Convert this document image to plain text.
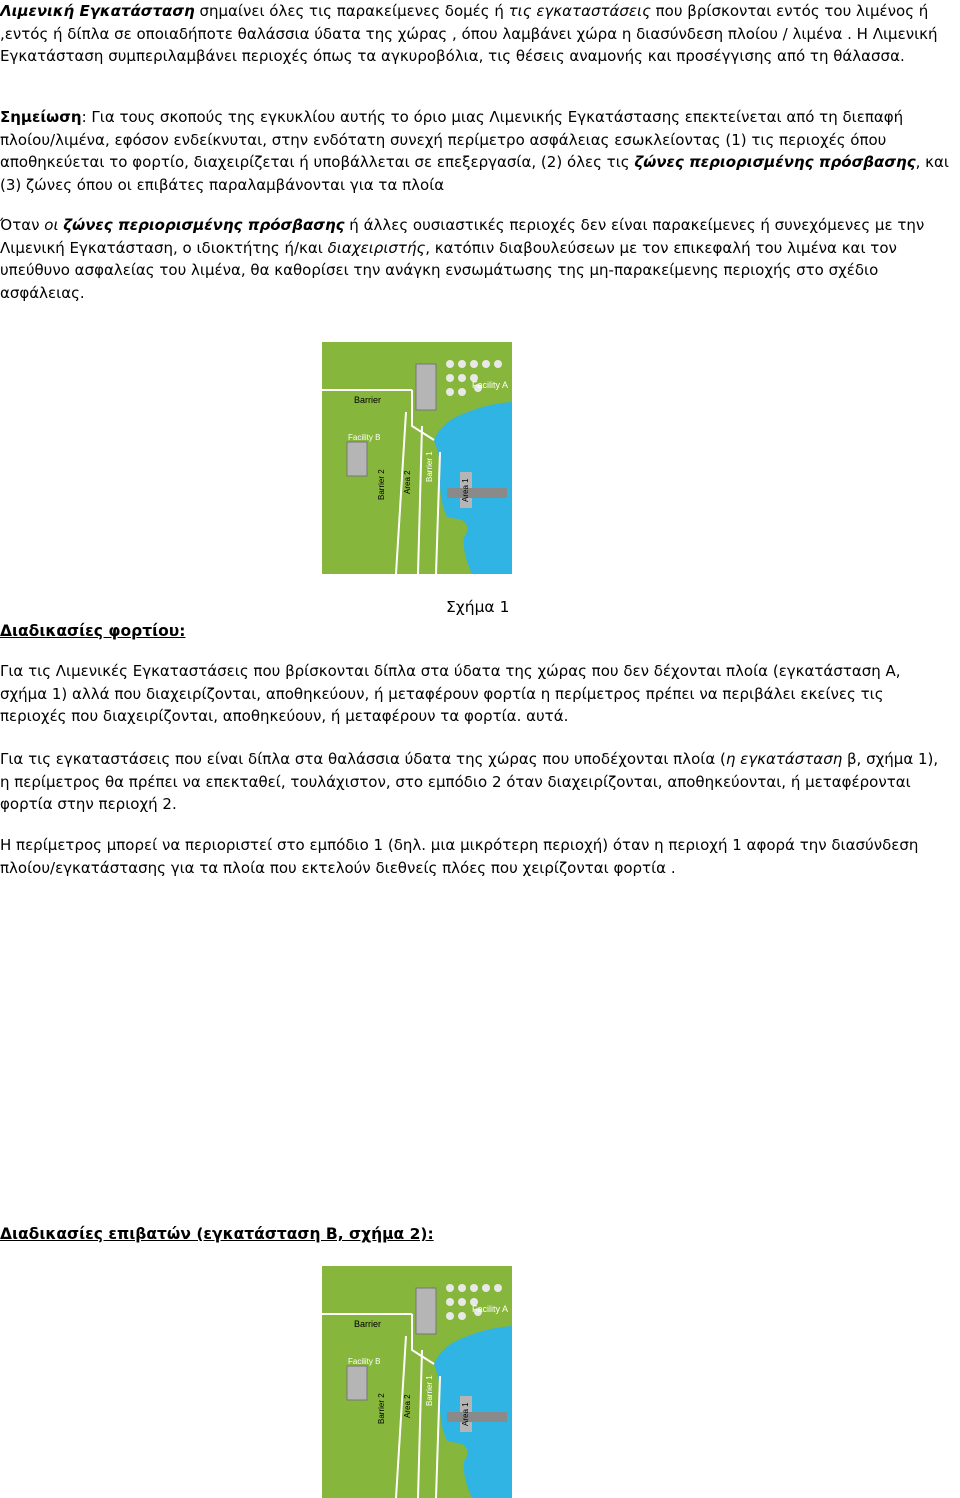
Λιμενική Εγκατάσταση σημαίνει όλες τις παρακείμενες δομές ή τις εγκαταστάσεις που βρίσκονται εντός του λιμένος ή ,εντός ή δίπλα σε οποιαδήποτε θαλάσσια ύδατα της χώρας , όπου λαμβάνει χώρα η διασύνδεση πλοίου / λιμένα . Η Λιμενική Εγκατάσταση συμπεριλαμβάνει περιοχές όπως τα αγκυροβόλια, τις θέσεις αναμονής και προσέγγισης από τη θάλασσα.

Σημείωση: Για τους σκοπούς της εγκυκλίου αυτής το όριο μιας Λιμενικής Εγκατάστασης επεκτείνεται από τη διεπαφή πλοίου/λιμένα, εφόσον ενδείκνυται, στην ενδότατη συνεχή περίμετρο ασφάλειας εσωκλείοντας (1) τις περιοχές όπου αποθηκεύεται το φορτίο, διαχειρίζεται ή υποβάλλεται σε επεξεργασία, (2) όλες τις ζώνες περιορισμένης πρόσβασης, και (3) ζώνες όπου οι επιβάτες παραλαμβάνονται για τα πλοία

Όταν οι ζώνες περιορισμένης πρόσβασης ή άλλες ουσιαστικές περιοχές δεν είναι παρακείμενες ή συνεχόμενες με την Λιμενική Εγκατάσταση, ο ιδιοκτήτης ή/και διαχειριστής, κατόπιν διαβουλεύσεων με τον επικεφαλή του λιμένα και τον υπεύθυνο ασφαλείας του λιμένα, θα καθορίσει την ανάγκη ενσωμάτωσης της μη-παρακείμενης περιοχής στο σχέδιο ασφάλειας.

Barrier
Facility A
Facility B
Barrier 2 Area 2
Barrier 1
Area 1
Σχήμα 1

Διαδικασίες φορτίου:

Για τις Λιμενικές Εγκαταστάσεις που βρίσκονται δίπλα στα ύδατα της χώρας που δεν δέχονται πλοία (εγκατάσταση Α, σχήμα 1) αλλά που διαχειρίζονται, αποθηκεύουν, ή μεταφέρουν φορτία η περίμετρος πρέπει να περιβάλει εκείνες τις περιοχές που διαχειρίζονται, αποθηκεύουν, ή μεταφέρουν τα φορτία. αυτά.

Για τις εγκαταστάσεις που είναι δίπλα στα θαλάσσια ύδατα της χώρας που υποδέχονται πλοία (η εγκατάσταση β, σχήμα 1), η περίμετρος θα πρέπει να επεκταθεί, τουλάχιστον, στο εμπόδιο 2 όταν διαχειρίζονται, αποθηκεύονται, ή μεταφέρονται φορτία στην περιοχή 2.

Η περίμετρος μπορεί να περιοριστεί στο εμπόδιο 1 (δηλ. μια μικρότερη περιοχή) όταν η περιοχή 1 αφορά την διασύνδεση πλοίου/εγκατάστασης για τα πλοία που εκτελούν διεθνείς πλόες που χειρίζονται φορτία .

Διαδικασίες επιβατών (εγκατάσταση Β, σχήμα 2):

Barrier
Facility A
Facility B
Barrier 2 Area 2
Barrier 1
Area 1
